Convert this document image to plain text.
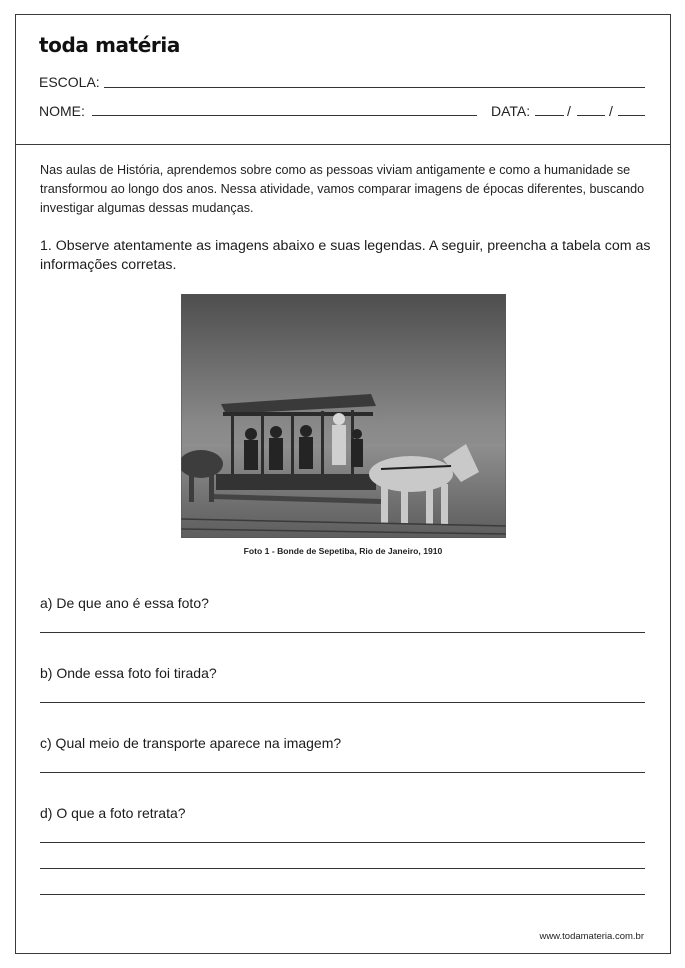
toda matéria
ESCOLA:
NOME:	DATA:	/	/

Nas aulas de História, aprendemos sobre como as pessoas viviam antigamente e como a humanidade se transformou ao longo dos anos. Nessa atividade, vamos comparar imagens de épocas diferentes, buscando investigar algumas dessas mudanças.

1. Observe atentamente as imagens abaixo e suas legendas. A seguir, preencha a tabela com as informações corretas.

Foto 1 - Bonde de Sepetiba, Rio de Janeiro, 1910
a) De que ano é essa foto?
b) Onde essa foto foi tirada?
c) Qual meio de transporte aparece na imagem?
d) O que a foto retrata?
www.todamateria.com.br
